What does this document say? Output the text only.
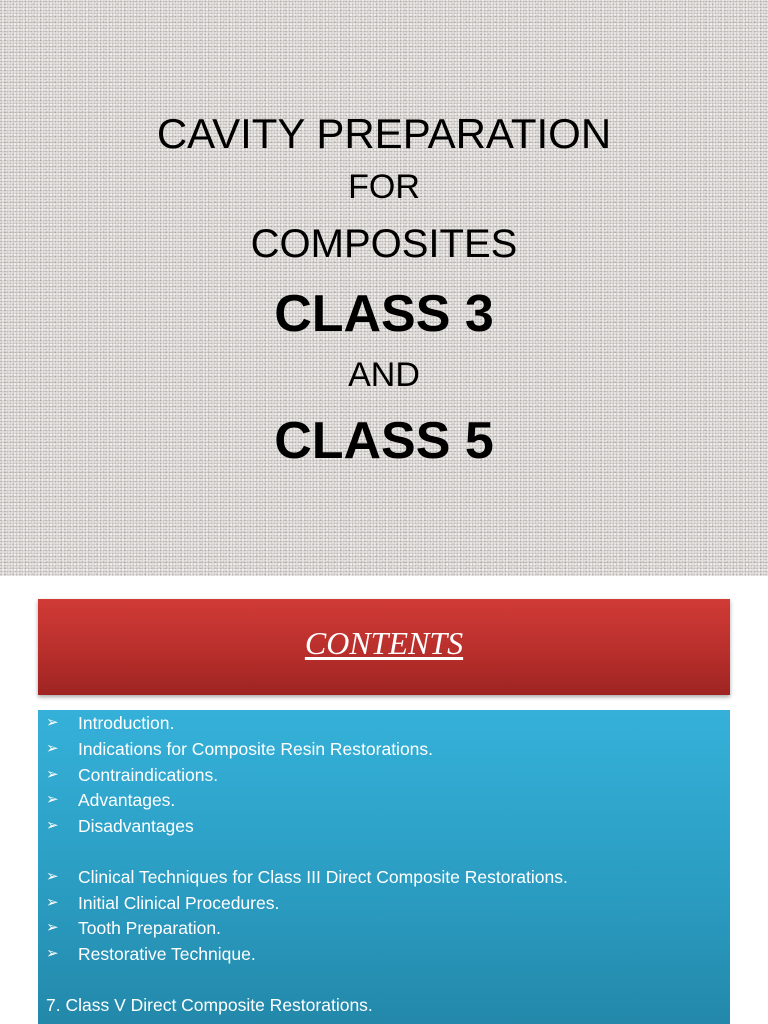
CAVITY PREPARATION
FOR
COMPOSITES
CLASS 3
AND
CLASS 5
CONTENTS
➢ Introduction.
➢ Indications for Composite Resin Restorations.
➢ Contraindications.
➢ Advantages.
➢ Disadvantages
➢ Clinical Techniques for Class III Direct Composite Restorations.
➢ Initial Clinical Procedures.
➢ Tooth Preparation.
➢ Restorative Technique.
7. Class V Direct Composite Restorations.
